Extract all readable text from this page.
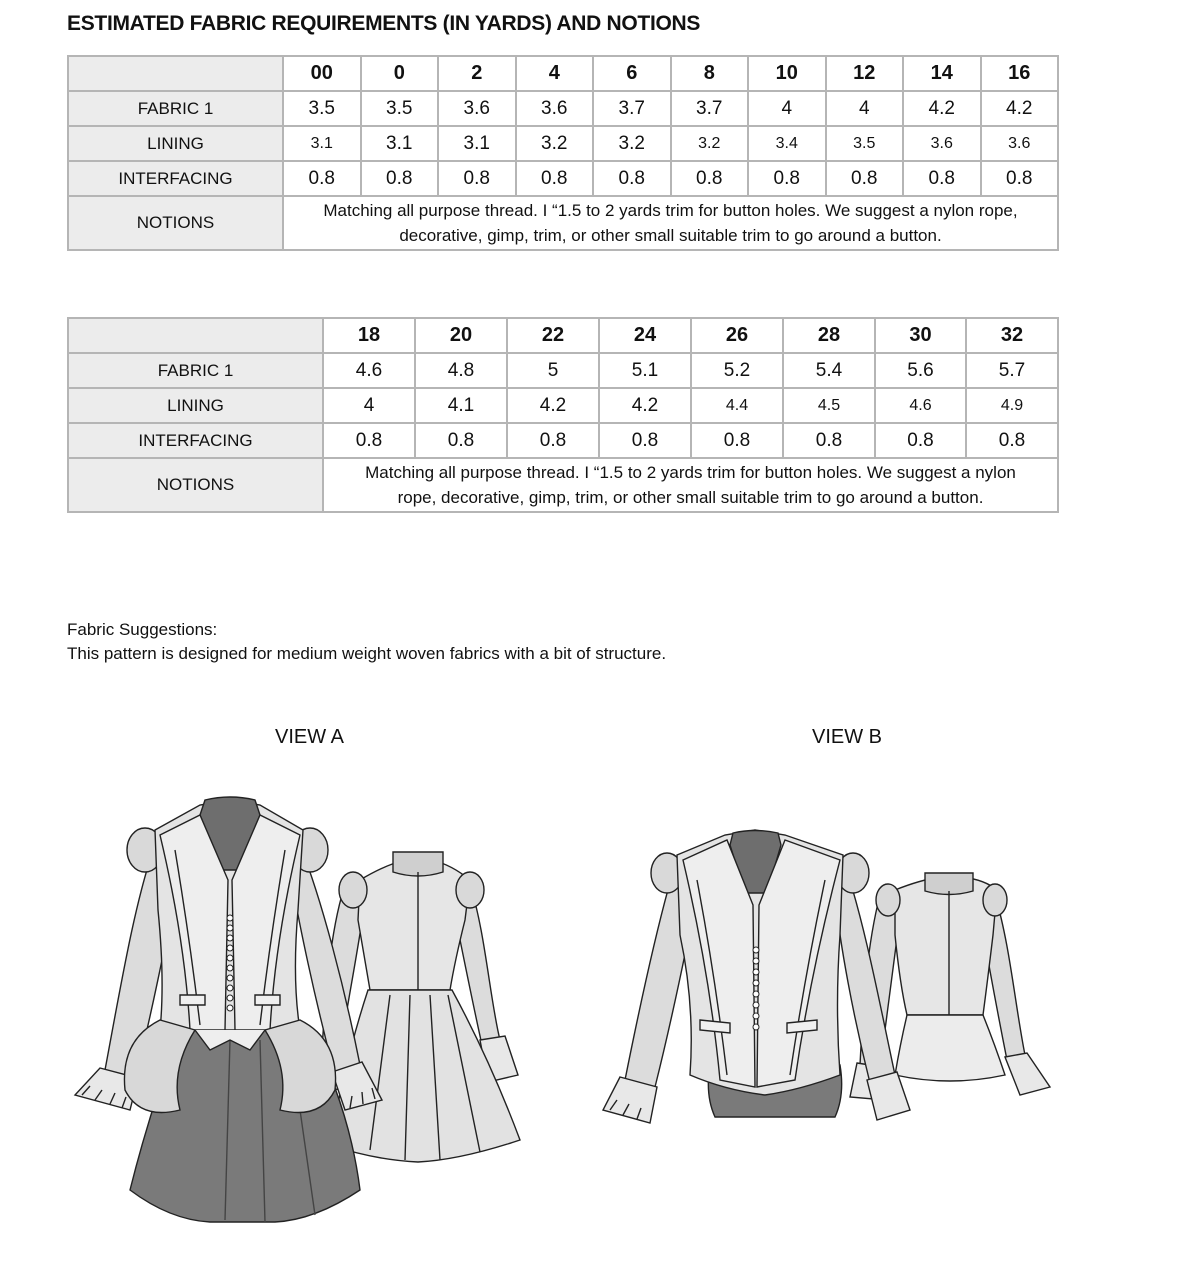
ESTIMATED FABRIC REQUIREMENTS (IN YARDS) AND NOTIONS
	00	0	2	4	6	8	10	12	14	16
FABRIC 1	3.5	3.5	3.6	3.6	3.7	3.7	4	4	4.2	4.2
LINING	3.1	3.1	3.1	3.2	3.2	3.2	3.4	3.5	3.6	3.6
INTERFACING	0.8	0.8	0.8	0.8	0.8	0.8	0.8	0.8	0.8	0.8
NOTIONS	Matching all purpose thread. I “1.5 to 2 yards trim for button holes. We suggest a nylon rope,
decorative, gimp, trim, or other small suitable trim to go around a button.									
	18	20	22	24	26	28	30	32
FABRIC 1	4.6	4.8	5	5.1	5.2	5.4	5.6	5.7
LINING	4	4.1	4.2	4.2	4.4	4.5	4.6	4.9
INTERFACING	0.8	0.8	0.8	0.8	0.8	0.8	0.8	0.8
NOTIONS	Matching all purpose thread. I “1.5 to 2 yards trim for button holes. We suggest a nylon
rope, decorative, gimp, trim, or other small suitable trim to go around a button.							
Fabric Suggestions:
This pattern is designed for medium weight woven fabrics with a bit of structure.
VIEW A	VIEW B
